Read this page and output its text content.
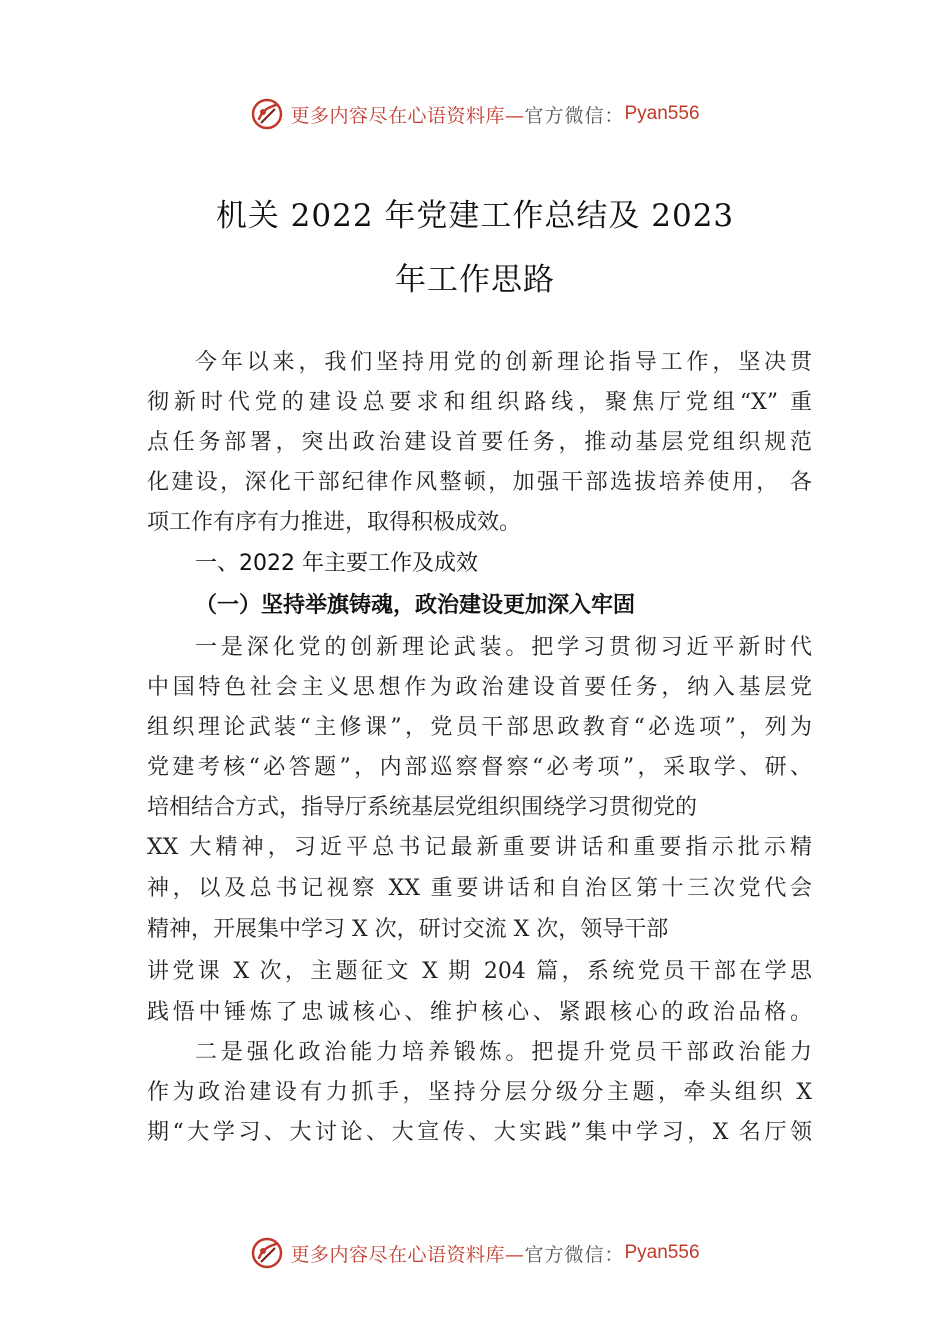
更多内容尽在心语资料库— 官方微信： Pyan556
机关 2022 年党建工作总结及 2023
年工作思路
今年以来，我们坚持用党的创新理论指导工作，坚决贯
彻新时代党的建设总要求和组织路线，聚焦厅党组“X” 重
点任务部署，突出政治建设首要任务，推动基层党组织规范
化建设，深化干部纪律作风整顿，加强干部选拔培养使用， 各
项工作有序有力推进，取得积极成效。
一、2022 年主要工作及成效
（一）坚持举旗铸魂，政治建设更加深入牢固
一是深化党的创新理论武装。把学习贯彻习近平新时代
中国特色社会主义思想作为政治建设首要任务，纳入基层党
组织理论武装“主修课”，党员干部思政教育“必选项”，列为
党建考核“必答题”，内部巡察督察“必考项”，采取学、研、
培相结合方式，指导厅系统基层党组织围绕学习贯彻党的
XX 大精神，习近平总书记最新重要讲话和重要指示批示精
神，以及总书记视察 XX 重要讲话和自治区第十三次党代会
精神，开展集中学习 X 次，研讨交流 X 次，领导干部
讲党课 X 次，主题征文 X 期 204 篇，系统党员干部在学思
践悟中锤炼了忠诚核心、维护核心、紧跟核心的政治品格。
二是强化政治能力培养锻炼。把提升党员干部政治能力
作为政治建设有力抓手，坚持分层分级分主题，牵头组织 X
期“大学习、大讨论、大宣传、大实践”集中学习，X 名厅领
更多内容尽在心语资料库— 官方微信： Pyan556
